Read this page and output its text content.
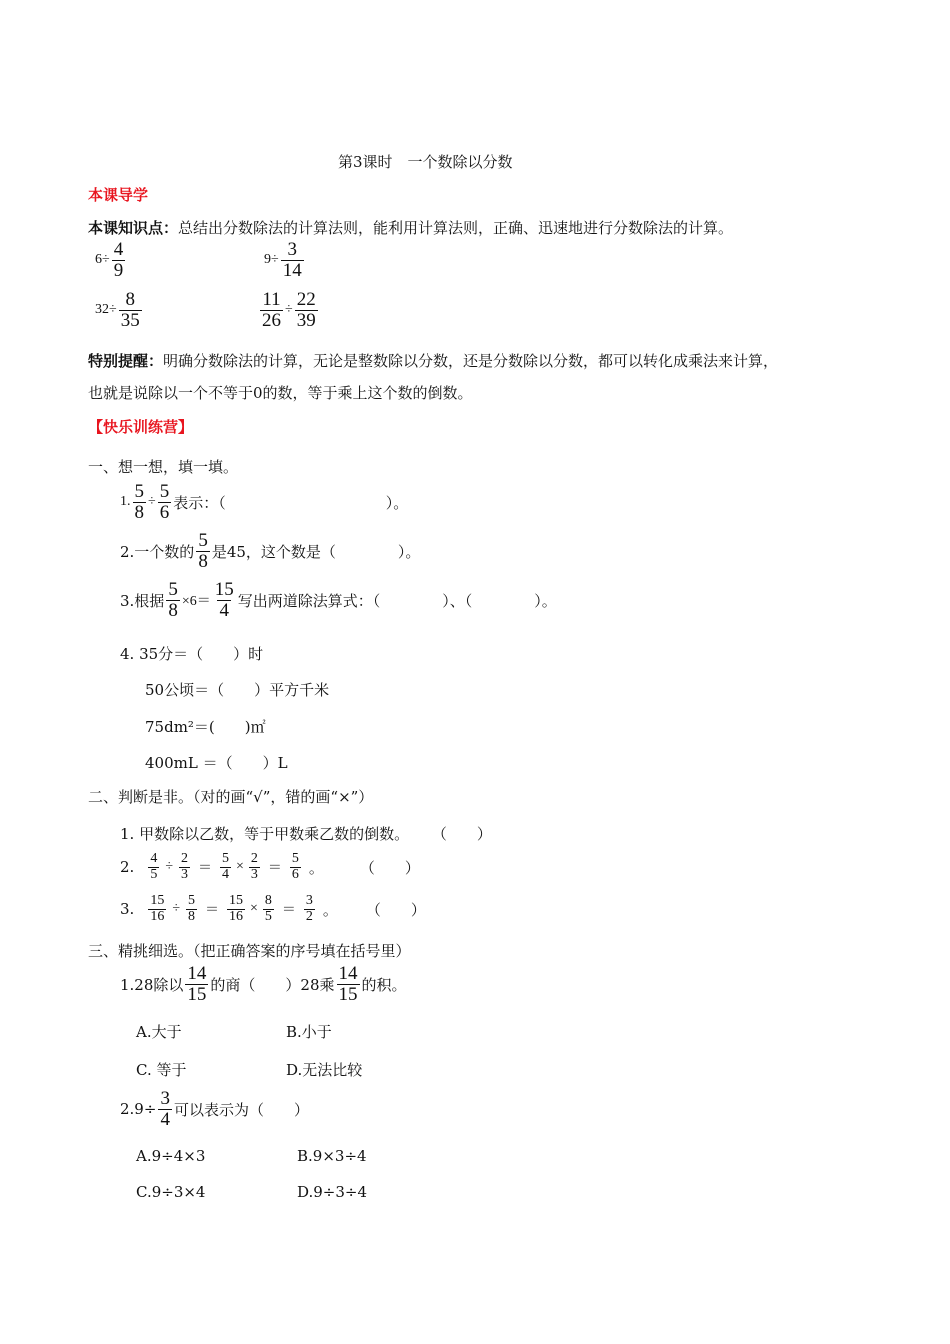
第3课时　一个数除以分数
本课导学
本课知识点：总结出分数除法的计算法则，能利用计算法则，正确、迅速地进行分数除法的计算。
$6\div \frac{4}{9}$	$9\div \frac{3}{14}$
$32\div \frac{8}{35}$	$\frac{11}{26} \div \frac{22}{39}$
特别提醒：明确分数除法的计算，无论是整数除以分数，还是分数除以分数，都可以转化成乘法来计算，
也就是说除以一个不等于0的数，等于乘上这个数的倒数。
【快乐训练营】
一、想一想，填一填。
1. $\frac{5}{8} \div \frac{5}{6}$ 表示：（	）。
2.一个数的 $\frac{5}{8}$ 是45，这个数是（	）。
3.根据 $\frac{5}{8} \times 6= \frac{15}{4}$ 写出两道除法算式：（	）、（	）。
4. 35分＝（　　）时
50公顷＝（　　）平方千米
75dm²＝(　　)㎡
400mL ＝（　　）L
二、判断是非。（对的画“√”，错的画“×”）
1. 甲数除以乙数，等于甲数乘乙数的倒数。 （　　）
2. $\frac{4}{5} \div \frac{2}{3} = \frac{5}{4} \times \frac{2}{3} = \frac{5}{6}$ 。 （　　）
3. $\frac{15}{16} \div \frac{5}{8} = \frac{15}{16} \times \frac{8}{5} = \frac{3}{2}$ 。 （　　）
三、精挑细选。（把正确答案的序号填在括号里）
1.28除以 $\frac{14}{15}$ 的商（　　）28乘 $\frac{14}{15}$ 的积。
A.大于	B.小于
C. 等于	D.无法比较
$2.9\div \frac{3}{4}$ 可以表示为（　　）
A.9÷4×3	B.9×3÷4
C.9÷3×4	D.9÷3÷4
